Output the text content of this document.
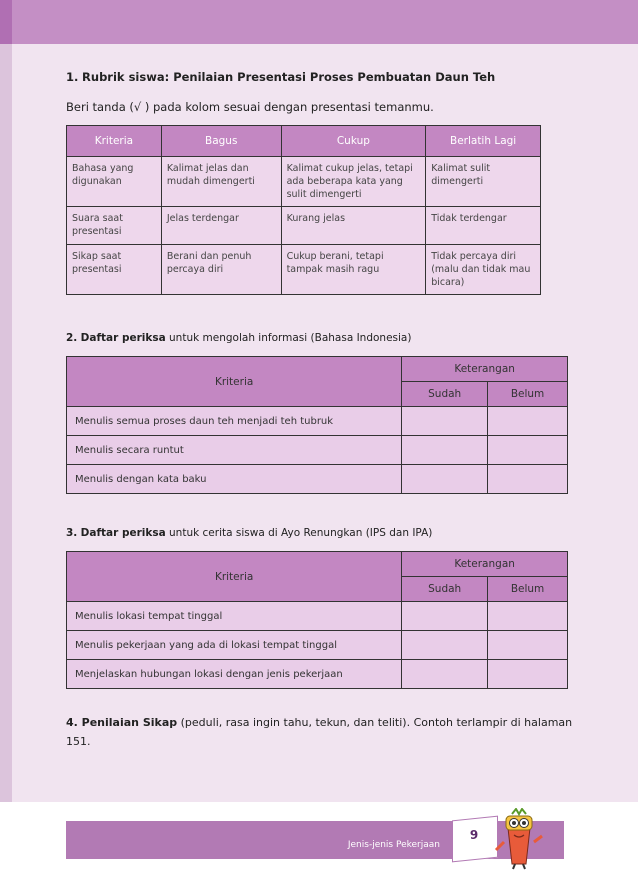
1. Rubrik siswa: Penilaian Presentasi Proses Pembuatan Daun Teh
Beri tanda (√ ) pada kolom sesuai dengan presentasi temanmu.
Kriteria	Bagus	Cukup	Berlatih Lagi
Bahasa yang digunakan	Kalimat jelas dan mudah dimengerti	Kalimat cukup jelas, tetapi ada beberapa kata yang sulit dimengerti	Kalimat sulit dimengerti
Suara saat presentasi	Jelas terdengar	Kurang jelas	Tidak terdengar
Sikap saat presentasi	Berani dan penuh percaya diri	Cukup berani, tetapi tampak masih ragu	Tidak percaya diri (malu dan tidak mau bicara)
2. Daftar periksa untuk mengolah informasi (Bahasa Indonesia)
Kriteria	Keterangan	
	Sudah	Belum
Menulis semua proses daun teh menjadi teh tubruk		
Menulis secara runtut		
Menulis dengan kata baku		
3. Daftar periksa untuk cerita siswa di Ayo Renungkan (IPS dan IPA)
Kriteria	Keterangan	
	Sudah	Belum
Menulis lokasi tempat tinggal		
Menulis pekerjaan yang ada di lokasi tempat tinggal		
Menjelaskan hubungan lokasi dengan jenis pekerjaan		
4. Penilaian Sikap (peduli, rasa ingin tahu, tekun, dan teliti). Contoh terlampir di halaman
151.
Jenis-jenis Pekerjaan
9
